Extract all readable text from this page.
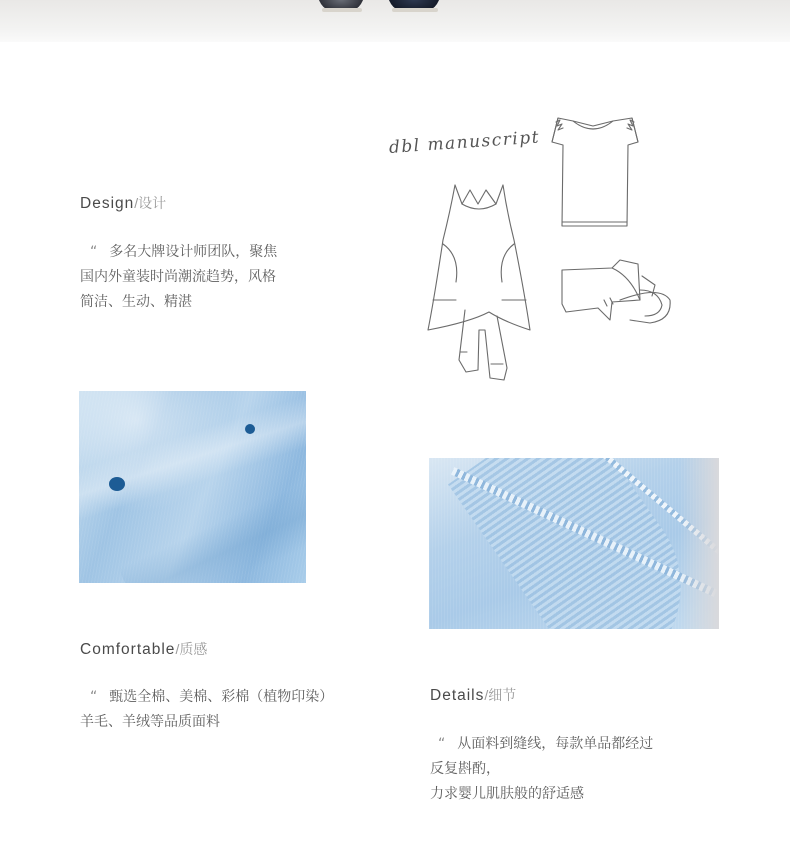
Design/设计
“ 多名大牌设计师团队，聚焦
国内外童装时尚潮流趋势，风格
简洁、生动、精湛
dbl manuscript
Comfortable/质感
“ 甄选全棉、美棉、彩棉（植物印染）
羊毛、羊绒等品质面料
Details/细节
“ 从面料到缝线，每款单品都经过
反复斟酌，
力求婴儿肌肤般的舒适感
